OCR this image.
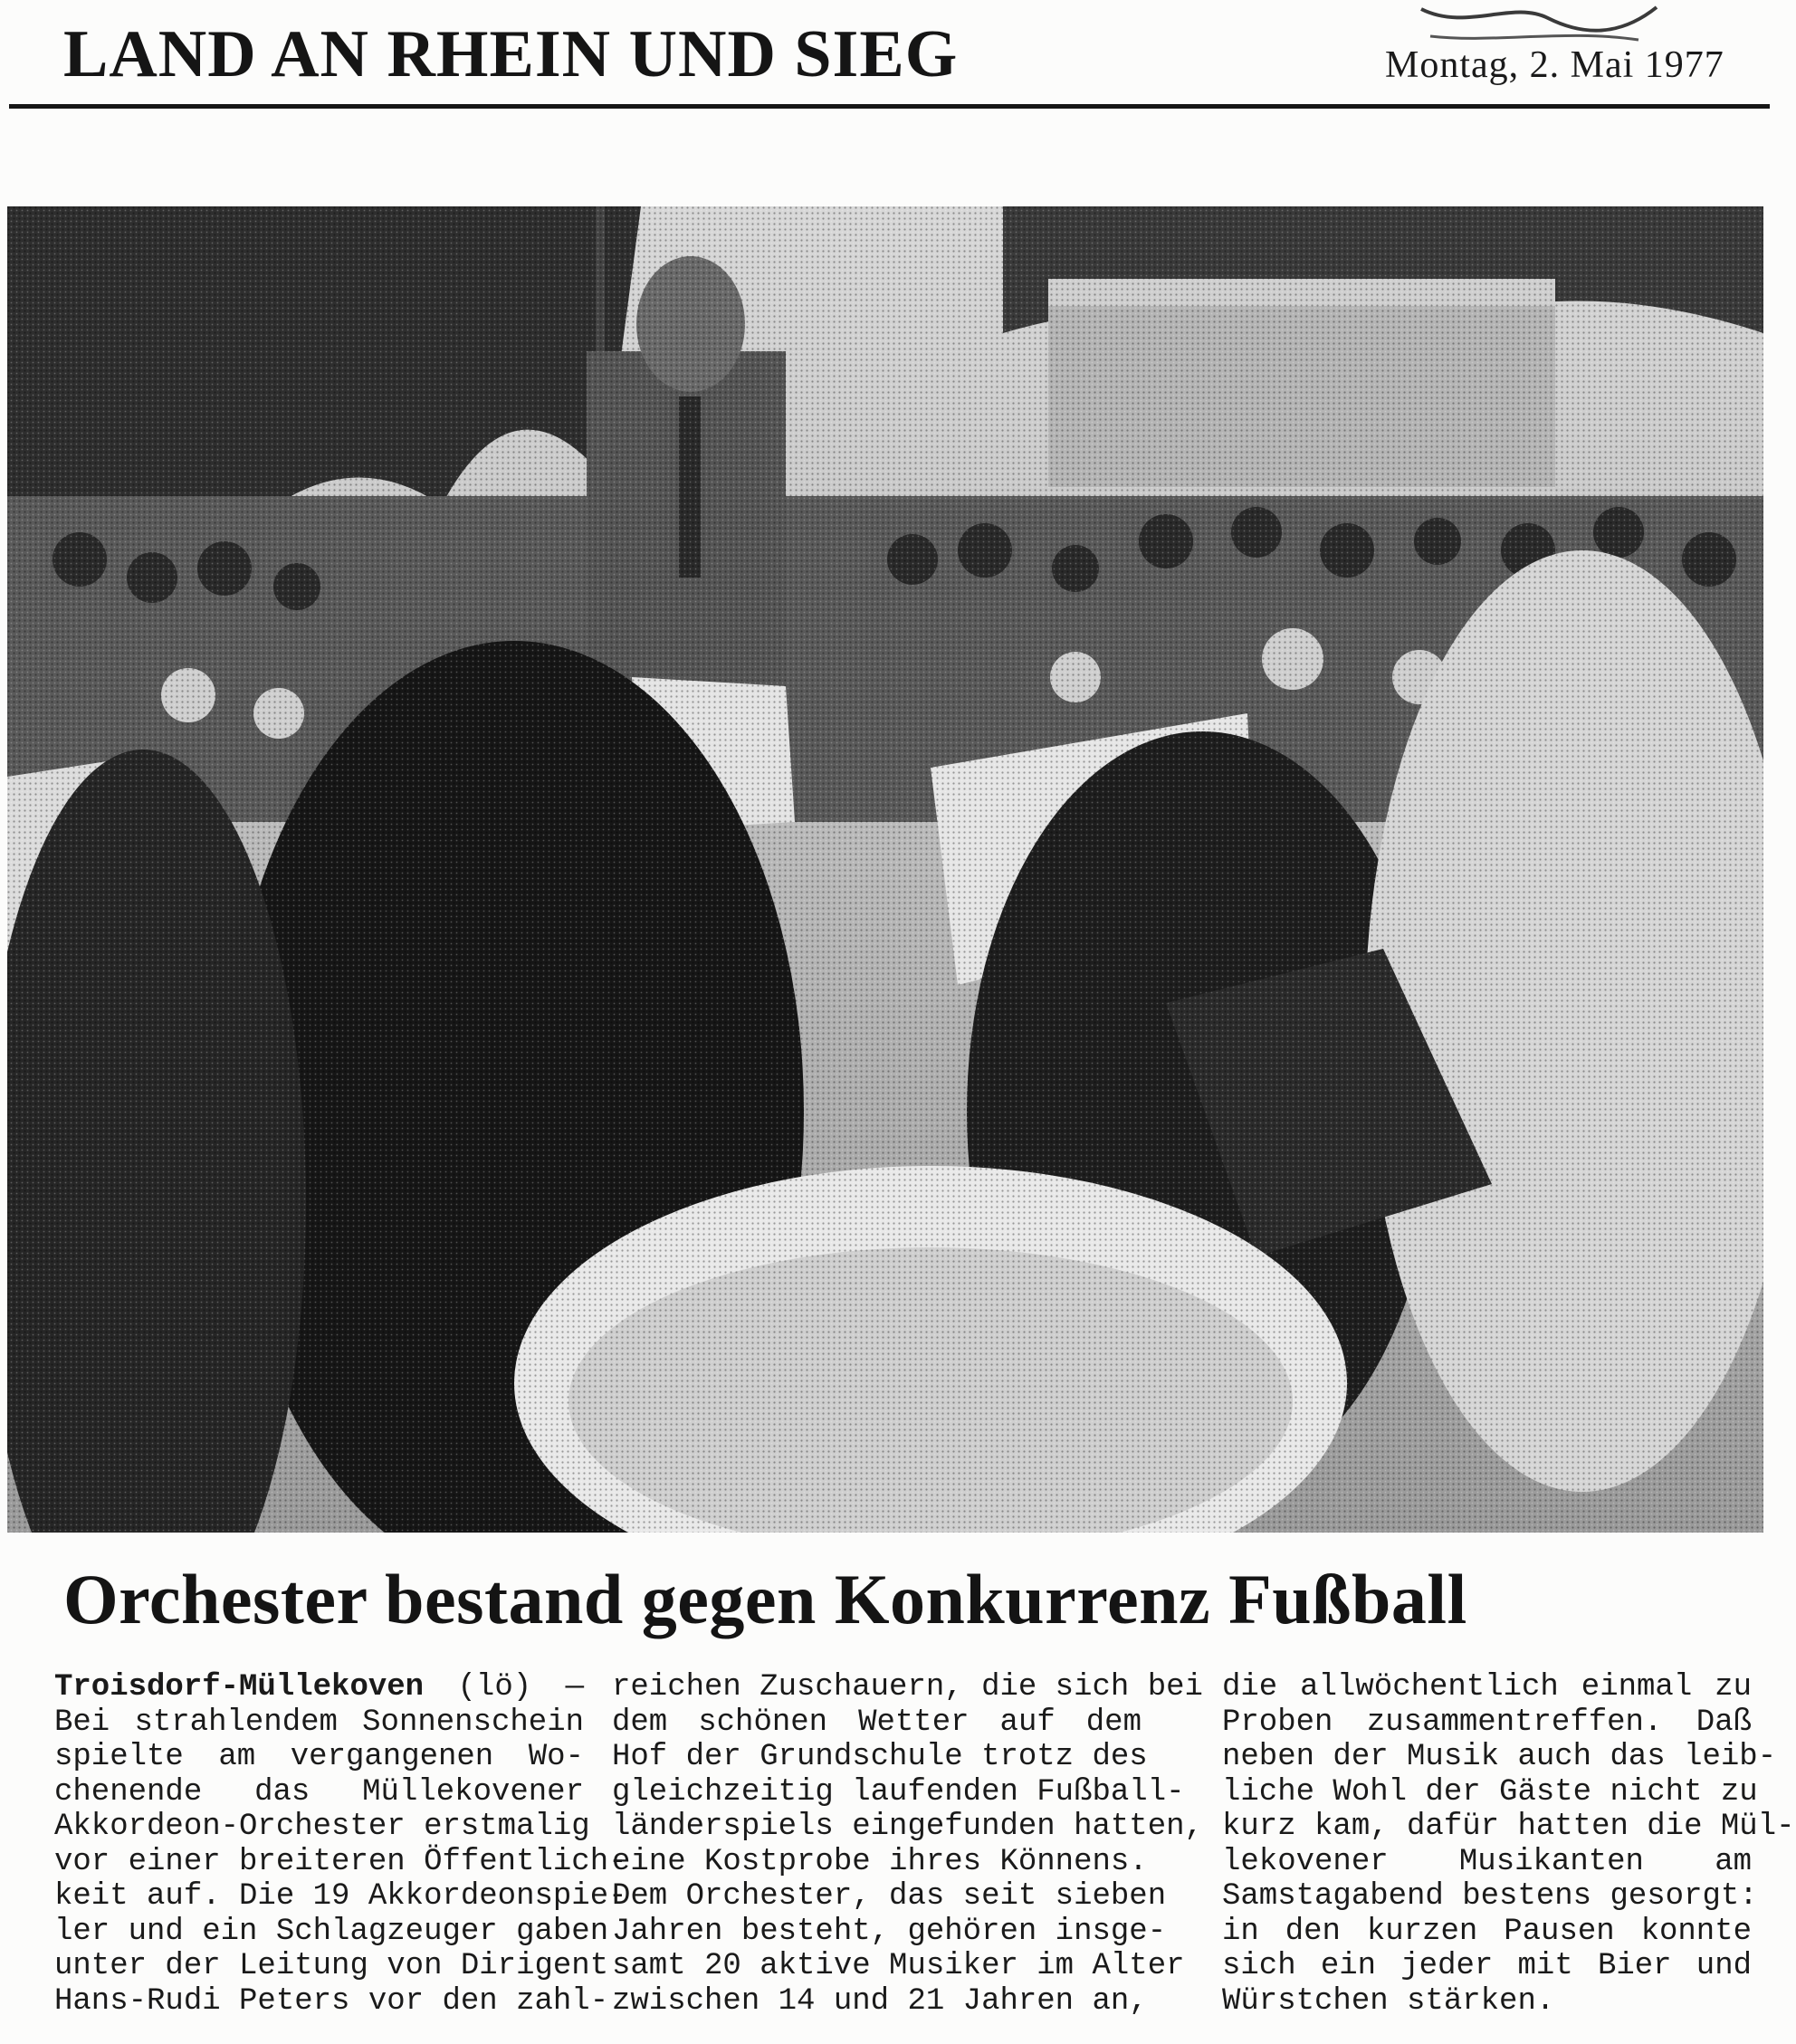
LAND AN RHEIN UND SIEG	Montag, 2. Mai 1977
Orchester bestand gegen Konkurrenz Fußball
Troisdorf-Müllekoven (lö) —
Bei strahlendem Sonnenschein
spielte am vergangenen Wo-
chenende das Müllekovener
Akkordeon-Orchester erstmalig
vor einer breiteren Öffentlich-
keit auf. Die 19 Akkordeonspie-
ler und ein Schlagzeuger gaben
unter der Leitung von Dirigent
Hans-Rudi Peters vor den zahl-
reichen Zuschauern, die sich bei
dem schönen Wetter auf dem
Hof der Grundschule trotz des
gleichzeitig laufenden Fußball-
länderspiels eingefunden hatten,
eine Kostprobe ihres Könnens.
Dem Orchester, das seit sieben
Jahren besteht, gehören insge-
samt 20 aktive Musiker im Alter
zwischen 14 und 21 Jahren an,
die allwöchentlich einmal zu
Proben zusammentreffen. Daß
neben der Musik auch das leib-
liche Wohl der Gäste nicht zu
kurz kam, dafür hatten die Mül-
lekovener Musikanten am
Samstagabend bestens gesorgt:
in den kurzen Pausen konnte
sich ein jeder mit Bier und
Würstchen stärken.
